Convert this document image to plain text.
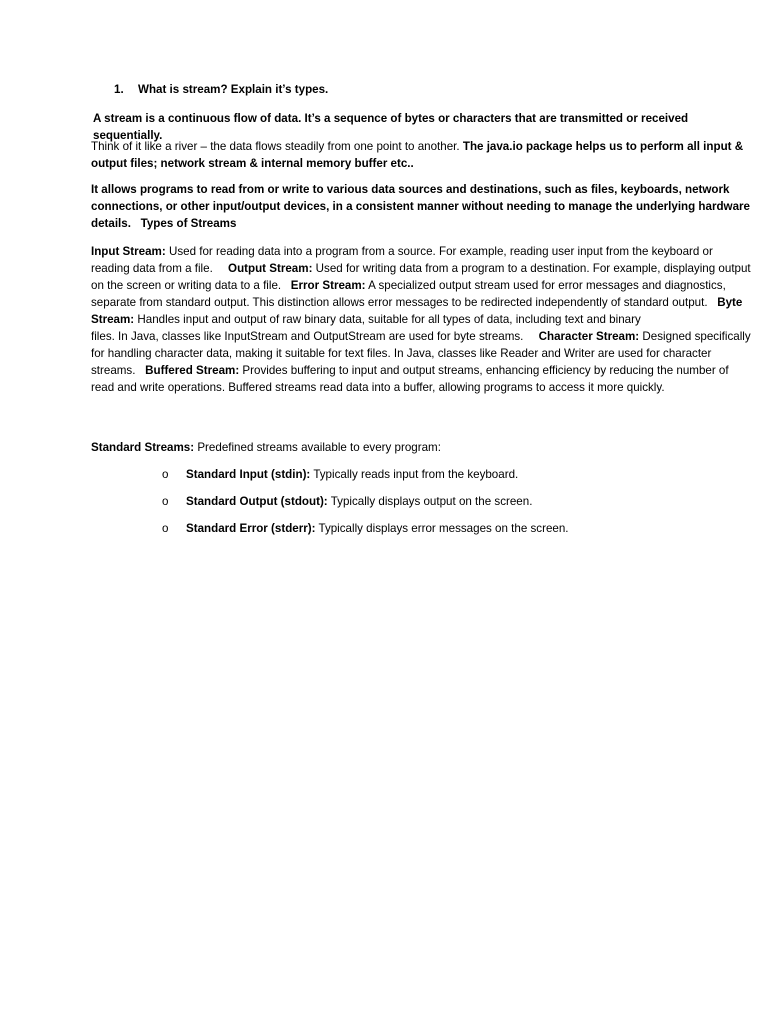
1. What is stream? Explain it’s types.

A stream is a continuous flow of data. It’s a sequence of bytes or characters that are transmitted or received sequentially.

Think of it like a river – the data flows steadily from one point to another. The java.io package helps us to perform all input & output files; network stream & internal memory buffer etc..

It allows programs to read from or write to various data sources and destinations, such as files, keyboards, network connections, or other input/output devices, in a consistent manner without needing to manage the underlying hardware details. Types of Streams

Input Stream: Used for reading data into a program from a source. For example, reading user input from the keyboard or reading data from a file. Output Stream: Used for writing data from a program to a destination. For example, displaying output on the screen or writing data to a file. Error Stream: A specialized output stream used for error messages and diagnostics, separate from standard output. This distinction allows error messages to be redirected independently of standard output. Byte Stream: Handles input and output of raw binary data, suitable for all types of data, including text and binary
files. In Java, classes like InputStream and OutputStream are used for byte streams. Character Stream: Designed specifically for handling character data, making it suitable for text files. In Java, classes like Reader and Writer are used for character
streams. Buffered Stream: Provides buffering to input and output streams, enhancing efficiency by reducing the number of read and write operations. Buffered streams read data into a buffer, allowing programs to access it more quickly.

Standard Streams: Predefined streams available to every program:

o Standard Input (stdin): Typically reads input from the keyboard.
o Standard Output (stdout): Typically displays output on the screen.
o Standard Error (stderr): Typically displays error messages on the screen.
